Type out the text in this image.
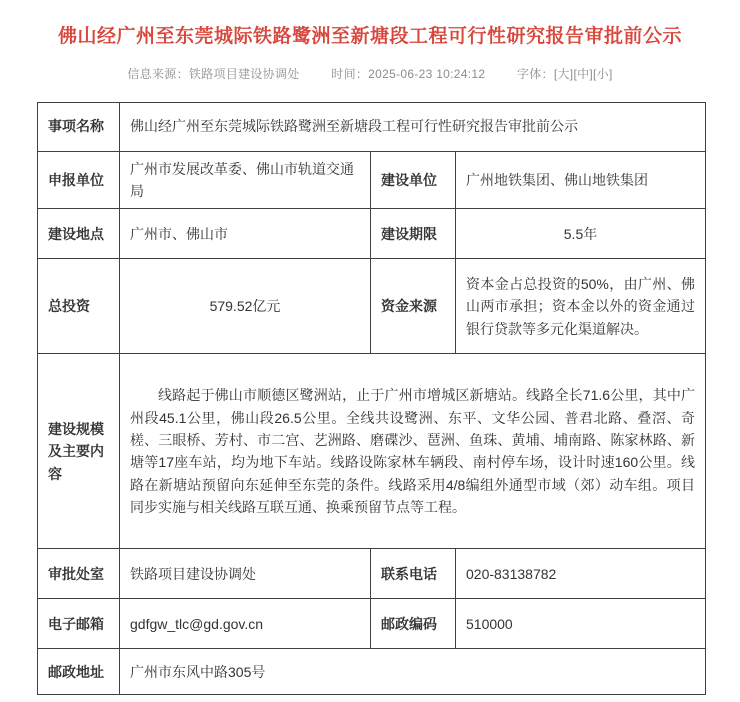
佛山经广州至东莞城际铁路鹭洲至新塘段工程可行性研究报告审批前公示
信息来源：铁路项目建设协调处	时间：2025-06-23 10:24:12	字体：[大][中][小]
事项名称	佛山经广州至东莞城际铁路鹭洲至新塘段工程可行性研究报告审批前公示		
申报单位	广州市发展改革委、佛山市轨道交通局	建设单位	广州地铁集团、佛山地铁集团
建设地点	广州市、佛山市	建设期限	5.5年
总投资	579.52亿元	资金来源	资本金占总投资的50%，由广州、佛山两市承担；资本金以外的资金通过银行贷款等多元化渠道解决。
建设规模及主要内容	线路起于佛山市顺德区鹭洲站，止于广州市增城区新塘站。线路全长71.6公里，其中广州段45.1公里，佛山段26.5公里。全线共设鹭洲、东平、文华公园、普君北路、叠滘、奇槎、三眼桥、芳村、市二宫、艺洲路、磨碟沙、琶洲、鱼珠、黄埔、埔南路、陈家林路、新塘等17座车站，均为地下车站。线路设陈家林车辆段、南村停车场，设计时速160公里。线路在新塘站预留向东延伸至东莞的条件。线路采用4/8编组外通型市域（郊）动车组。项目同步实施与相关线路互联互通、换乘预留节点等工程。		
审批处室	铁路项目建设协调处	联系电话	020-83138782
电子邮箱	gdfgw_tlc@gd.gov.cn	邮政编码	510000
邮政地址	广州市东风中路305号		
